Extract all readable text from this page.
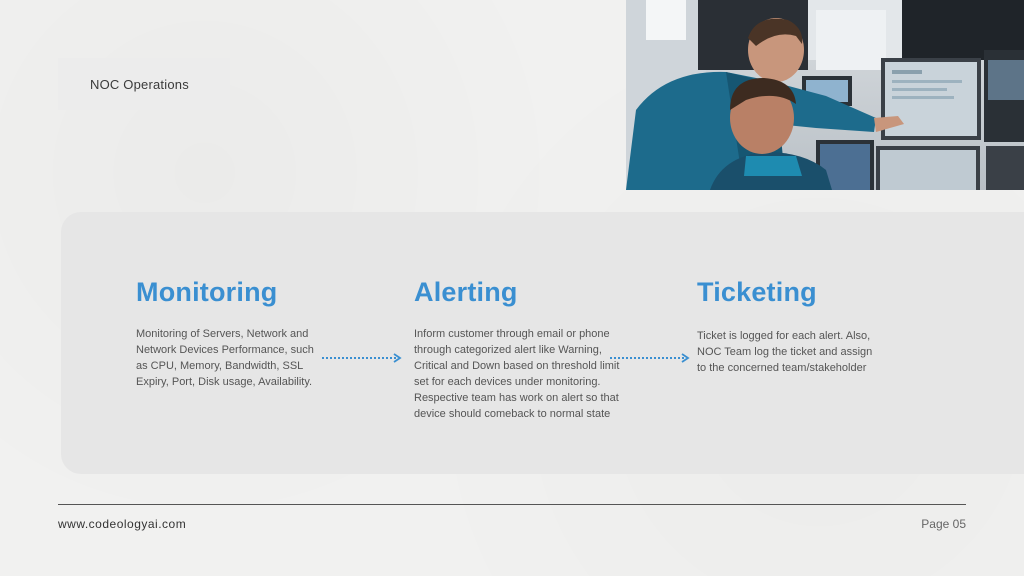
NOC Operations
Monitoring

Monitoring of Servers, Network and Network Devices Performance, such as CPU, Memory, Bandwidth, SSL Expiry, Port, Disk usage, Availability.

Alerting

Inform customer through email or phone through categorized alert like Warning, Critical and Down based on threshold limit set for each devices under monitoring. Respective team has work on alert so that device should comeback to normal state

Ticketing

Ticket is logged for each alert. Also, NOC Team log the ticket and assign to the concerned team/stakeholder

www.codeologyai.com	Page 05
